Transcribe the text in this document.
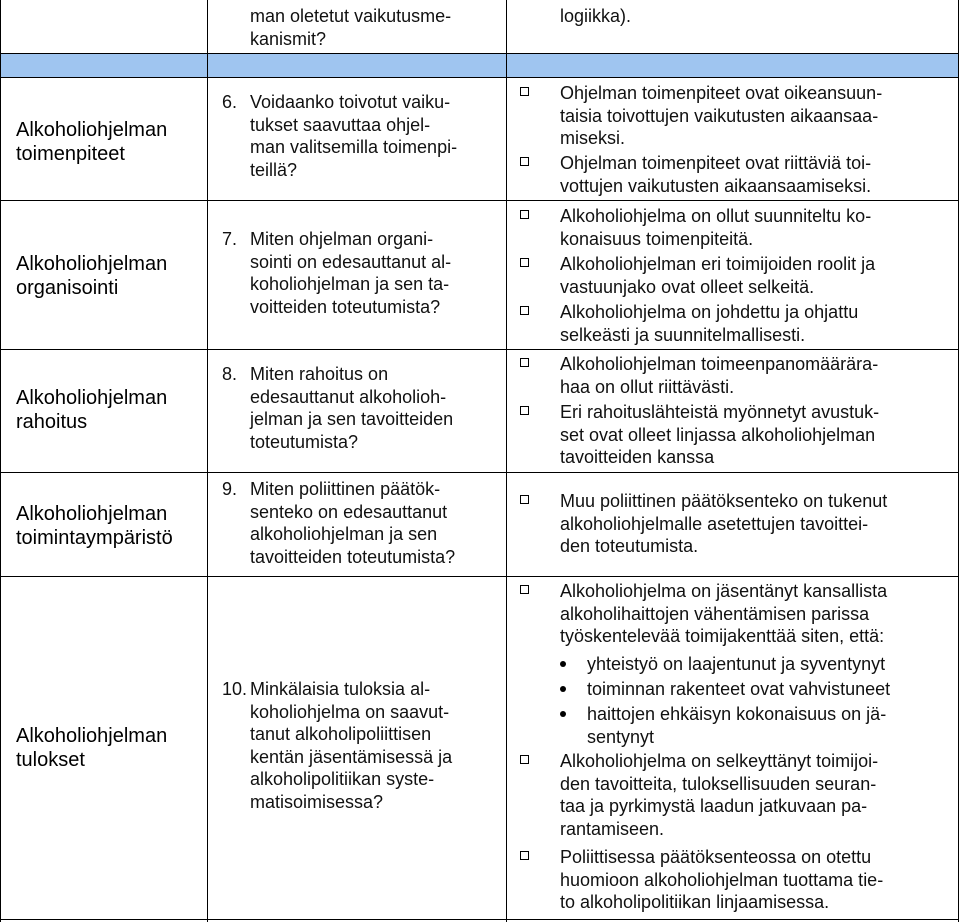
man oletetut vaikutusme-
kanismit?
logiikka).
Alkoholiohjelman
toimenpiteet
Alkoholiohjelman
organisointi
Alkoholiohjelman
rahoitus
Alkoholiohjelman
toimintaympäristö
Alkoholiohjelman
tulokset
6. Voidaanko toivotut vaiku-
tukset saavuttaa ohjel-
man valitsemilla toimenpi-
teillä?
7. Miten ohjelman organi-
sointi on edesauttanut al-
koholiohjelman ja sen ta-
voitteiden toteutumista?
8. Miten rahoitus on
edesauttanut alkoholioh-
jelman ja sen tavoitteiden
toteutumista?
9. Miten poliittinen päätök-
senteko on edesauttanut
alkoholiohjelman ja sen
tavoitteiden toteutumista?
10. Minkälaisia tuloksia al-
koholiohjelma on saavut-
tanut alkoholipoliittisen
kentän jäsentämisessä ja
alkoholipolitiikan syste-
matisoimisessa?
Ohjelman toimenpiteet ovat oikeansuun-
taisia toivottujen vaikutusten aikaansaa-
miseksi.
Ohjelman toimenpiteet ovat riittäviä toi-
vottujen vaikutusten aikaansaamiseksi.
Alkoholiohjelma on ollut suunniteltu ko-
konaisuus toimenpiteitä.
Alkoholiohjelman eri toimijoiden roolit ja
vastuunjako ovat olleet selkeitä.
Alkoholiohjelma on johdettu ja ohjattu
selkeästi ja suunnitelmallisesti.
Alkoholiohjelman toimeenpanomäärära-
haa on ollut riittävästi.
Eri rahoituslähteistä myönnetyt avustuk-
set ovat olleet linjassa alkoholiohjelman
tavoitteiden kanssa
Muu poliittinen päätöksenteko on tukenut
alkoholiohjelmalle asetettujen tavoittei-
den toteutumista.
Alkoholiohjelma on jäsentänyt kansallista
alkoholihaittojen vähentämisen parissa
työskentelevää toimijakenttää siten, että:
yhteistyö on laajentunut ja syventynyt
toiminnan rakenteet ovat vahvistuneet
haittojen ehkäisyn kokonaisuus on jä-
sentynyt
Alkoholiohjelma on selkeyttänyt toimijoi-
den tavoitteita, tuloksellisuuden seuran-
taa ja pyrkimystä laadun jatkuvaan pa-
rantamiseen.
Poliittisessa päätöksenteossa on otettu
huomioon alkoholiohjelman tuottama tie-
to alkoholipolitiikan linjaamisessa.
